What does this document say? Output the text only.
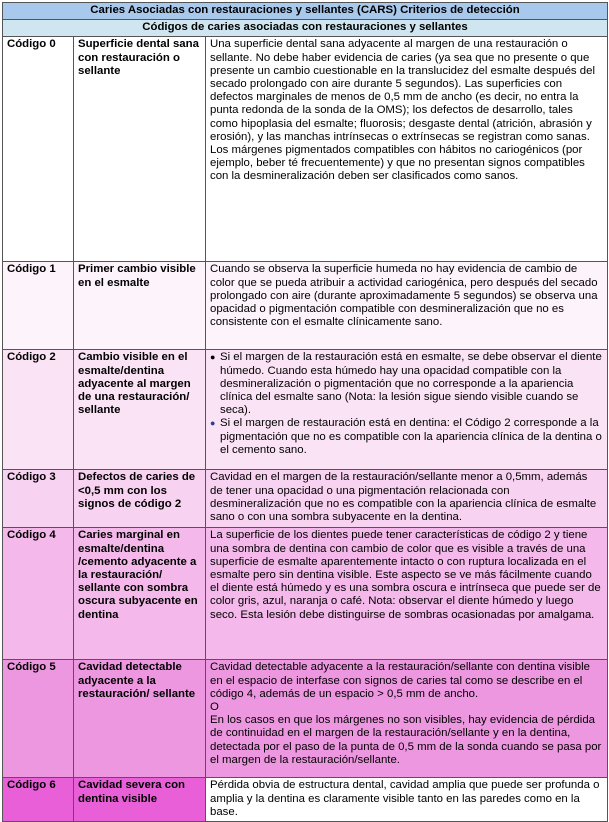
Caries Asociadas con restauraciones y sellantes (CARS) Criterios de detección		
Códigos de caries asociadas con restauraciones y sellantes		
Código 0	Superficie dental sana con restauración o sellante	Una superficie dental sana adyacente al margen de una restauración o sellante. No debe haber evidencia de caries (ya sea que no presente o que presente un cambio cuestionable en la translucidez del esmalte después del secado prolongado con aire durante 5 segundos). Las superficies con defectos marginales de menos de 0,5 mm de ancho (es decir, no entra la punta redonda de la sonda de la OMS); los defectos de desarrollo, tales como hipoplasia del esmalte; fluorosis; desgaste dental (atrición, abrasión y erosión), y las manchas intrínsecas o extrínsecas se registran como sanas. Los márgenes pigmentados compatibles con hábitos no cariogénicos (por ejemplo, beber té frecuentemente) y que no presentan signos compatibles con la desmineralización deben ser clasificados como sanos.
Código 1	Primer cambio visible en el esmalte	Cuando se observa la superficie humeda no hay evidencia de cambio de color que se pueda atribuir a actividad cariogénica, pero después del secado prolongado con aire (durante aproximadamente 5 segundos) se observa una opacidad o pigmentación compatible con desmineralización que no es consistente con el esmalte clínicamente sano.
Código 2	Cambio visible en el esmalte/dentina adyacente al margen de una restauración/ sellante	● Si el margen de la restauración está en esmalte, se debe observar el diente húmedo. Cuando esta húmedo hay una opacidad compatible con la desmineralización o pigmentación que no corresponde a la apariencia clínica del esmalte sano (Nota: la lesión sigue siendo visible cuando se seca).
● Si el margen de restauración está en dentina: el Código 2 corresponde a la pigmentación que no es compatible con la apariencia clínica de la dentina o el cemento sano.

Código 3	Defectos de caries de <0,5 mm con los signos de código 2	Cavidad en el margen de la restauración/sellante menor a 0,5mm, además de tener una opacidad o una pigmentación relacionada con desmineralización que no es compatible con la apariencia clínica de esmalte sano o con una sombra subyacente en la dentina.
Código 4	Caries marginal en esmalte/dentina /cemento adyacente a la restauración/ sellante con sombra oscura subyacente en dentina	La superficie de los dientes puede tener características de código 2 y tiene una sombra de dentina con cambio de color que es visible a través de una superficie de esmalte aparentemente intacto o con ruptura localizada en el esmalte pero sin dentina visible. Este aspecto se ve más fácilmente cuando el diente está húmedo y es una sombra oscura e intrínseca que puede ser de color gris, azul, naranja o café. Nota: observar el diente húmedo y luego seco. Esta lesión debe distinguirse de sombras ocasionadas por amalgama.
Código 5	Cavidad detectable adyacente a la restauración/ sellante	Cavidad detectable adyacente a la restauración/sellante con dentina visible en el espacio de interfase con signos de caries tal como se describe en el código 4, además de un espacio > 0,5 mm de ancho.

O

En los casos en que los márgenes no son visibles, hay evidencia de pérdida de continuidad en el margen de la restauración/sellante y en la dentina, detectada por el paso de la punta de 0,5 mm de la sonda cuando se pasa por el margen de la restauración/sellante.

Código 6	Cavidad severa con dentina visible	Pérdida obvia de estructura dental, cavidad amplia que puede ser profunda o amplia y la dentina es claramente visible tanto en las paredes como en la base.
